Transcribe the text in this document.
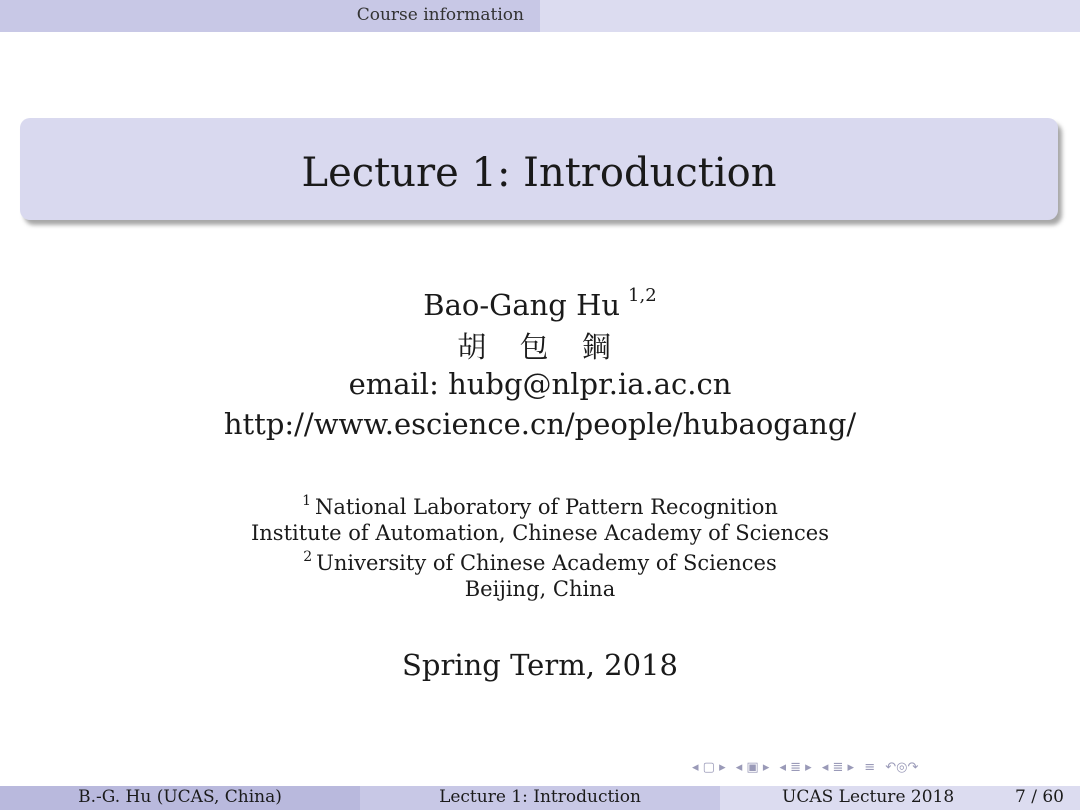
Course information
Lecture 1: Introduction
Bao-Gang Hu $^{1,2}$
胡 包 鋼
email: hubg@nlpr.ia.ac.cn
http://www.escience.cn/people/hubaogang/
$^1$ National Laboratory of Pattern Recognition
Institute of Automation, Chinese Academy of Sciences
$^2$ University of Chinese Academy of Sciences
Beijing, China
Spring Term, 2018
◂ ▢ ▸ ◂ ▣ ▸ ◂ ≣ ▸ ◂ ≣ ▸ ≡ ↶◎↷
B.-G. Hu (UCAS, China)	Lecture 1: Introduction	UCAS Lecture 2018	7 / 60
